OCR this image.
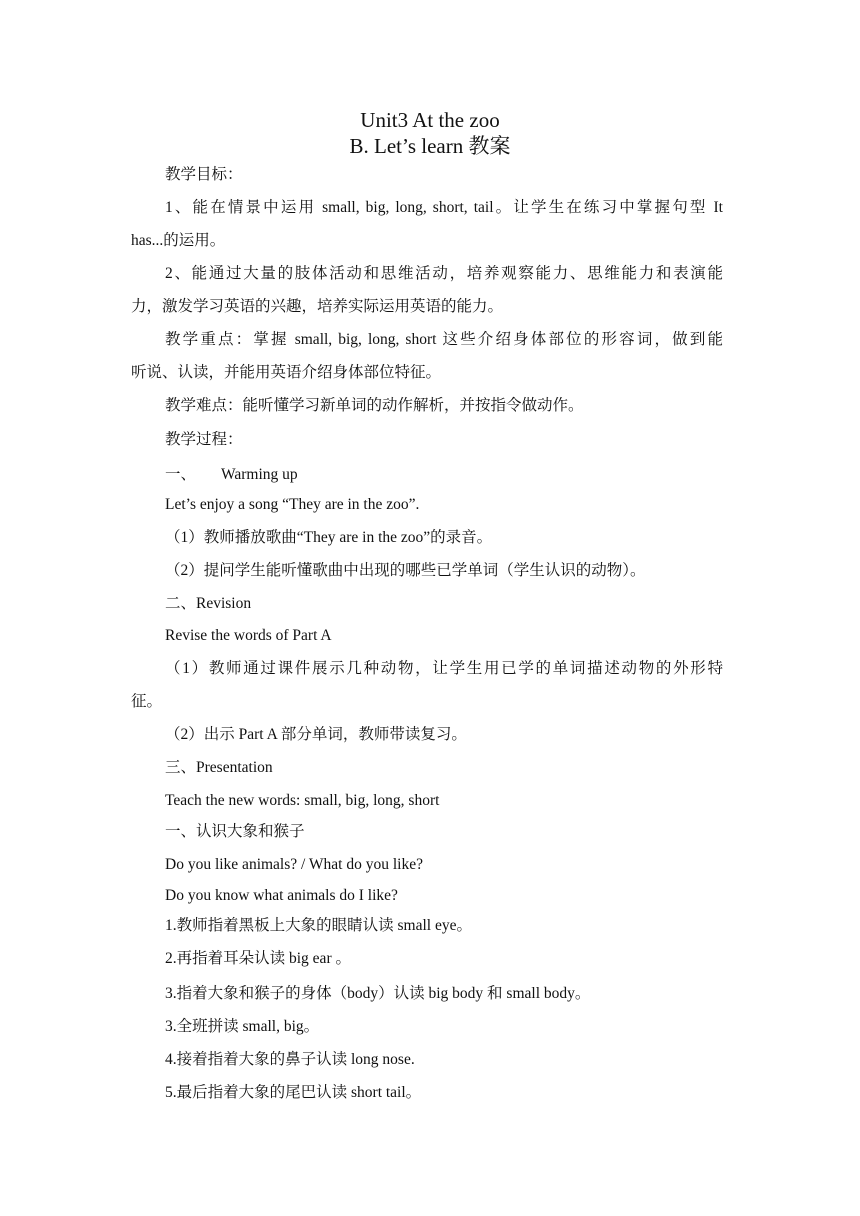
Unit3 At the zoo
B. Let’s learn 教案

教学目标：

1、能在情景中运用 small, big, long, short, tail。让学生在练习中掌握句型 It

has...的运用。

2、能通过大量的肢体活动和思维活动，培养观察能力、思维能力和表演能

力，激发学习英语的兴趣，培养实际运用英语的能力。

教学重点：掌握 small, big, long, short 这些介绍身体部位的形容词，做到能

听说、认读，并能用英语介绍身体部位特征。

教学难点：能听懂学习新单词的动作解析，并按指令做动作。

教学过程：

一、 Warming up

Let’s enjoy a song “They are in the zoo”.

（1）教师播放歌曲“They are in the zoo”的录音。

（2）提问学生能听懂歌曲中出现的哪些已学单词（学生认识的动物）。

二、Revision

Revise the words of Part A

（1）教师通过课件展示几种动物，让学生用已学的单词描述动物的外形特

征。

（2）出示 Part A 部分单词，教师带读复习。

三、Presentation

Teach the new words: small, big, long, short

一、认识大象和猴子

Do you like animals? / What do you like?

Do you know what animals do I like?

1.教师指着黑板上大象的眼睛认读 small eye。

2.再指着耳朵认读 big ear 。

3.指着大象和猴子的身体（body）认读 big body 和 small body。

3.全班拼读 small, big。

4.接着指着大象的鼻子认读 long nose.

5.最后指着大象的尾巴认读 short tail。
